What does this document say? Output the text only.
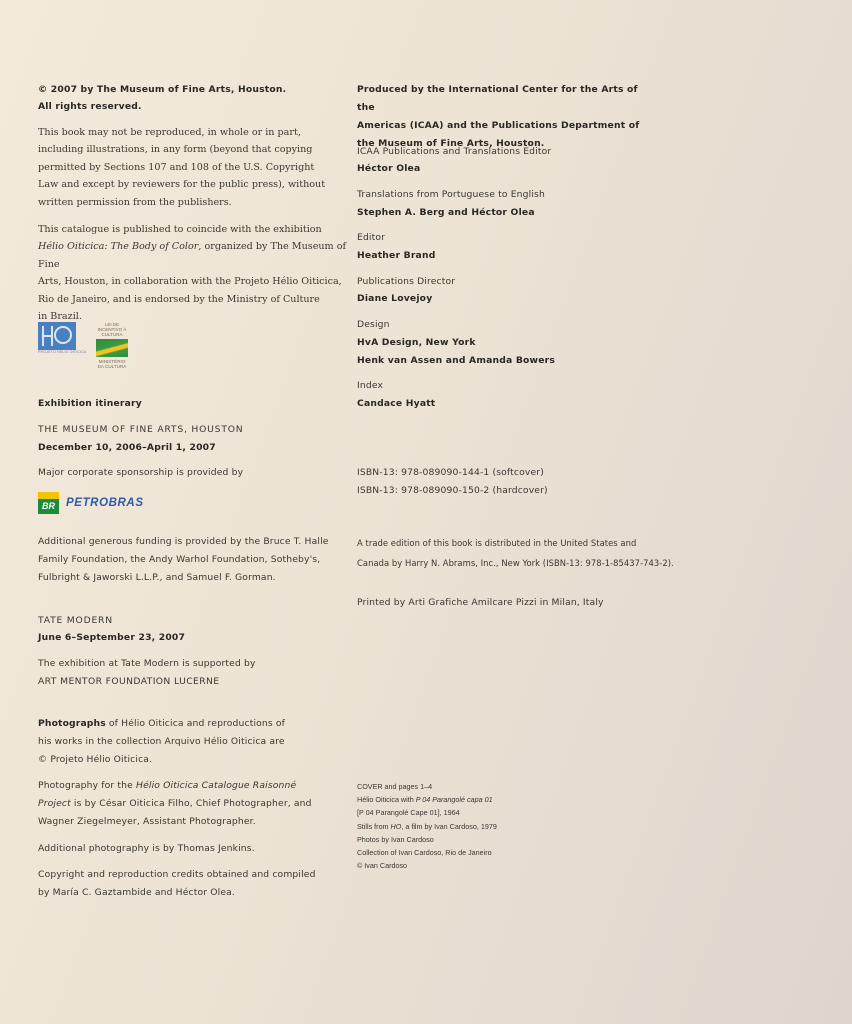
© 2007 by The Museum of Fine Arts, Houston.

All rights reserved.

This book may not be reproduced, in whole or in part,
including illustrations, in any form (beyond that copying
permitted by Sections 107 and 108 of the U.S. Copyright
Law and except by reviewers for the public press), without
written permission from the publishers.

This catalogue is published to coincide with the exhibition
Hélio Oiticica: The Body of Color, organized by The Museum of Fine
Arts, Houston, in collaboration with the Projeto Hélio Oiticica,
Rio de Janeiro, and is endorsed by the Ministry of Culture
in Brazil.
PROJETO HÉLIO OITICICA
LEI DE INCENTIVO À CULTURA
MINISTÉRIO DA CULTURA

Exhibition itinerary

THE MUSEUM OF FINE ARTS, HOUSTON

December 10, 2006–April 1, 2007

Major corporate sponsorship is provided by

BR PETROBRAS

Additional generous funding is provided by the Bruce T. Halle
Family Foundation, the Andy Warhol Foundation, Sotheby's,
Fulbright & Jaworski L.L.P., and Samuel F. Gorman.

TATE MODERN

June 6–September 23, 2007

The exhibition at Tate Modern is supported by

ART MENTOR FOUNDATION LUCERNE

Photographs of Hélio Oiticica and reproductions of
his works in the collection Arquivo Hélio Oiticica are
© Projeto Hélio Oiticica.
Photography for the Hélio Oiticica Catalogue Raisonné
Project is by César Oiticica Filho, Chief Photographer, and
Wagner Ziegelmeyer, Assistant Photographer.

Additional photography is by Thomas Jenkins.

Copyright and reproduction credits obtained and compiled
by María C. Gaztambide and Héctor Olea.

Produced by the International Center for the Arts of the
Americas (ICAA) and the Publications Department of
the Museum of Fine Arts, Houston.

ICAA Publications and Translations Editor

Héctor Olea

Translations from Portuguese to English

Stephen A. Berg and Héctor Olea

Editor

Heather Brand

Publications Director

Diane Lovejoy

Design

HvA Design, New York
Henk van Assen and Amanda Bowers

Index

Candace Hyatt

ISBN-13: 978-089090-144-1 (softcover)

ISBN-13: 978-089090-150-2 (hardcover)

A trade edition of this book is distributed in the United States and
Canada by Harry N. Abrams, Inc., New York (ISBN-13: 978-1-85437-743-2).

Printed by Arti Grafiche Amilcare Pizzi in Milan, Italy

COVER and pages 1–4
Hélio Oiticica with P 04 Parangolé capa 01
[P 04 Parangolé Cape 01], 1964
Stills from HO, a film by Ivan Cardoso, 1979
Photos by Ivan Cardoso
Collection of Ivan Cardoso, Rio de Janeiro
© Ivan Cardoso
